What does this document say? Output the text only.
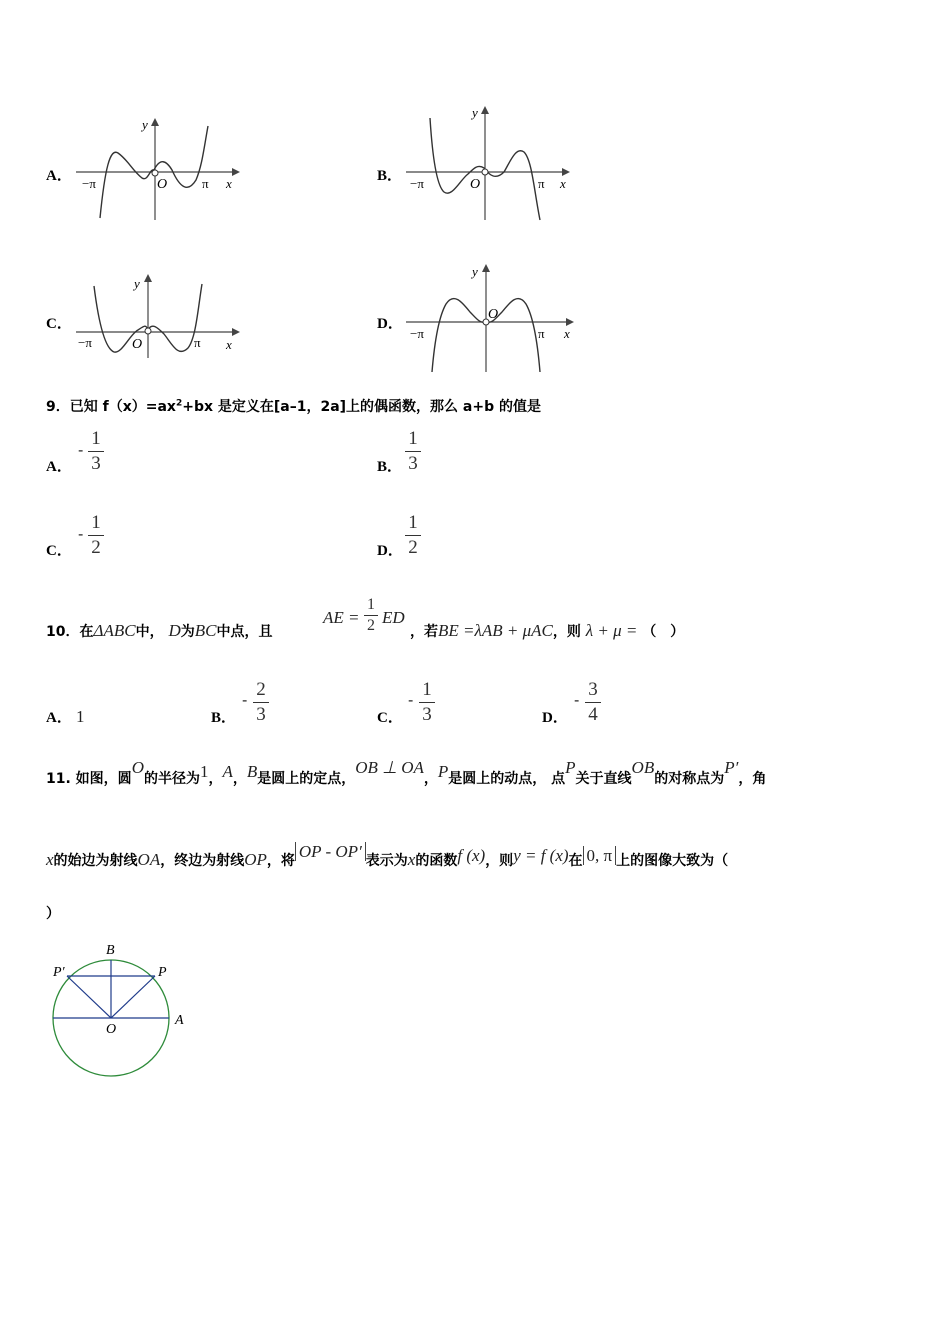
A．
y
x
O
−π	π	B．
y
x
O
−π	π
C．
y
x
O
−π	π
D．
y
x
O
−π	π
9．已知 $f(x)=ax^2+bx$ 是定义在[a–1，2a]上的偶函数，那么 a+b 的值是
A．
-
1
3	B．
1
3
C．
-
1
2	D．
1
2
10．在ΔABC中， D为BC中点，且
AE =
1
2 ED
，若BE =λAB + μAC，则 λ + μ = （　）
A． 1	B．
-
2
3	C．
-
1
3	D．
-
3
4
11. 如图，圆O的半径为1，A，B是圆上的定点，OB ⊥ OA，P是圆上的动点， 点P关于直线OB的对称点为P′，角
x的始边为射线OA，终边为射线OP，将 OP - OP′ 表示为x的函数f (x)，则y = f (x)在 0, π 上的图像大致为（
）
B
P
P′
O
A
